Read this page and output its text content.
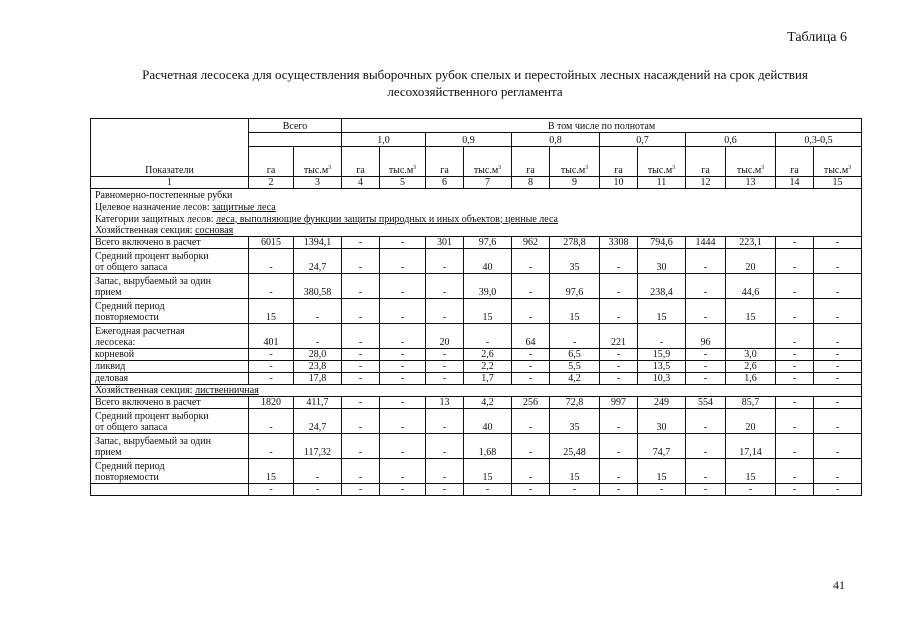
Таблица 6
Расчетная лесосека для осуществления выборочных рубок спелых и перестойных лесных насаждений на срок действия лесохозяйственного регламента
Показатели	Всего		В том числе по полнотам											
			1,0		0,9		0,8		0,7		0,6		0,3-0,5	
	га	$тыс.м^3$	га	$тыс.м^3$	га	$тыс.м^3$	га	$тыс.м^3$	га	$тыс.м^3$	га	$тыс.м^3$	га	$тыс.м^3$
1	2	3	4	5	6	7	8	9	10	11	12	13	14	15
Равномерно-постепенные рубки														
Целевое назначение лесов: защитные леса														
Категории защитных лесов: леса, выполняющие функции защиты природных и иных объектов; ценные леса														
Хозяйственная секция: сосновая														

Всего включено в расчет	6015	1394,1	-	-	301	97,6	962	278,8	3308	794,6	1444	223,1	-	-

Средний процент выборки
от общего запаса	-	24,7	-	-	-	40	-	35	-	30	-	20	-	-

Запас, вырубаемый за один
прием	-	380,58	-	-	-	39,0	-	97,6	-	238,4	-	44,6	-	-

Средний период
повторяемости	15	-	-	-	-	15	-	15	-	15	-	15	-	-

Ежегодная расчетная
лесосека:	401	-	-	-	20	-	64	-	221	-	96		-	-

корневой	-	28,0	-	-	-	2,6	-	6,5	-	15,9	-	3,0	-	-

ликвид	-	23,8	-	-	-	2,2	-	5,5	-	13,5	-	2,6	-	-

деловая	-	17,8	-	-	-	1,7	-	4,2	-	10,3	-	1,6	-	-
Хозяйственная секция: лиственничная														

Всего включено в расчет	1820	411,7	-	-	13	4,2	256	72,8	997	249	554	85,7	-	-

Средний процент выборки
от общего запаса	-	24,7	-	-	-	40	-	35	-	30	-	20	-	-

Запас, вырубаемый за один
прием	-	117,32	-	-	-	1,68	-	25,48	-	74,7	-	17,14	-	-

Средний период
повторяемости	15	-	-	-	-	15	-	15	-	15	-	15	-	-

	-	-	-	-	-	-	-	-	-	-	-	-	-	-
41
